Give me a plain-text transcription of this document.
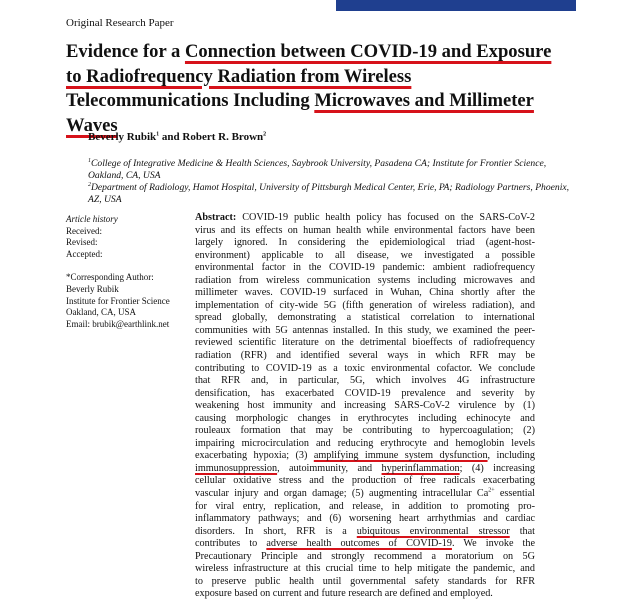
Original Research Paper
Evidence for a Connection between COVID-19 and Exposure
to Radiofrequency Radiation from Wireless
Telecommunications Including Microwaves and Millimeter
Waves
Beverly Rubik$^1$ and Robert R. Brown$^2$
$^1$College of Integrative Medicine & Health Sciences, Saybrook University, Pasadena CA; Institute for Frontier Science,
Oakland, CA, USA
$^2$Department of Radiology, Hamot Hospital, University of Pittsburgh Medical Center, Erie, PA; Radiology Partners, Phoenix,
AZ, USA
Article history
Received:
Revised:
Accepted:
*Corresponding Author:
Beverly Rubik
Institute for Frontier Science
Oakland, CA, USA
Email: brubik@earthlink.net
Abstract: COVID-19 public health policy has focused on the SARS-CoV-2
virus and its effects on human health while environmental factors have been
largely ignored. In considering the epidemiological triad (agent-host-
environment) applicable to all disease, we investigated a possible
environmental factor in the COVID-19 pandemic: ambient radiofrequency
radiation from wireless communication systems including microwaves and
millimeter waves. COVID-19 surfaced in Wuhan, China shortly after the
implementation of city-wide 5G (fifth generation of wireless radiation), and
spread globally, demonstrating a statistical correlation to international
communities with 5G antennas installed. In this study, we examined the peer-
reviewed scientific literature on the detrimental bioeffects of radiofrequency
radiation (RFR) and identified several ways in which RFR may be
contributing to COVID-19 as a toxic environmental cofactor. We conclude
that RFR and, in particular, 5G, which involves 4G infrastructure
densification, has exacerbated COVID-19 prevalence and severity by
weakening host immunity and increasing SARS-CoV-2 virulence by (1)
causing morphologic changes in erythrocytes including echinocyte and
rouleaux formation that may be contributing to hypercoagulation; (2)
impairing microcirculation and reducing erythrocyte and hemoglobin levels
exacerbating hypoxia; (3) amplifying immune system dysfunction, including
immunosuppression, autoimmunity, and hyperinflammation; (4) increasing
cellular oxidative stress and the production of free radicals exacerbating
vascular injury and organ damage; (5) augmenting intracellular $Ca^{2+}$ essential
for viral entry, replication, and release, in addition to promoting pro-
inflammatory pathways; and (6) worsening heart arrhythmias and cardiac
disorders. In short, RFR is a ubiquitous environmental stressor that
contributes to adverse health outcomes of COVID-19. We invoke the
Precautionary Principle and strongly recommend a moratorium on 5G
wireless infrastructure at this crucial time to help mitigate the pandemic, and
to preserve public health until governmental safety standards for RFR
exposure based on current and future research are defined and employed.
